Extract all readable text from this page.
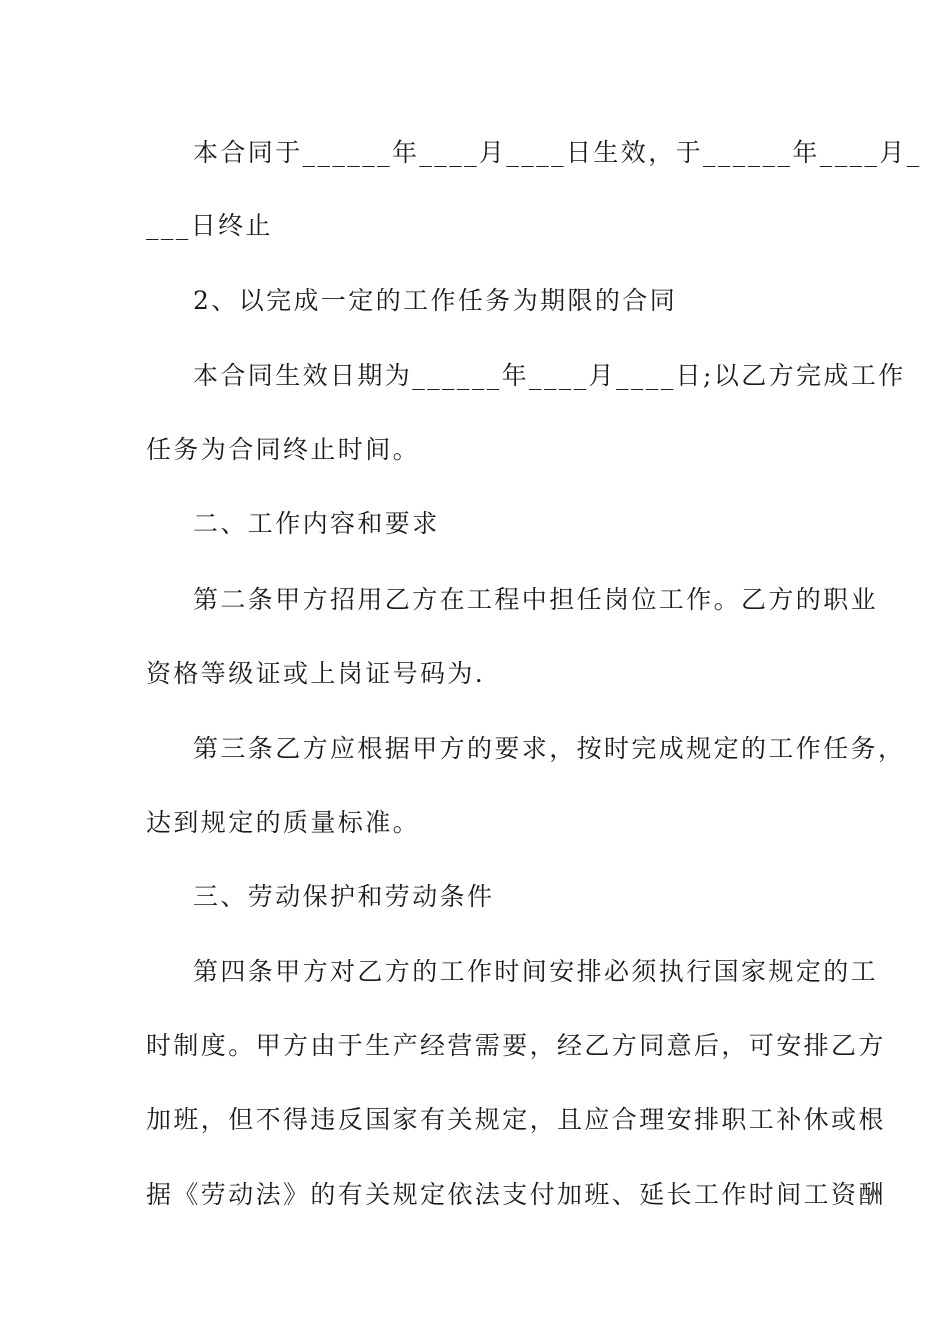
本合同于______年____月____日生效，于______年____月_
___日终止
2、以完成一定的工作任务为期限的合同
本合同生效日期为______年____月____日;以乙方完成工作
任务为合同终止时间。
二、工作内容和要求
第二条甲方招用乙方在工程中担任岗位工作。乙方的职业
资格等级证或上岗证号码为.
第三条乙方应根据甲方的要求，按时完成规定的工作任务，
达到规定的质量标准。
三、劳动保护和劳动条件
第四条甲方对乙方的工作时间安排必须执行国家规定的工
时制度。甲方由于生产经营需要，经乙方同意后，可安排乙方
加班，但不得违反国家有关规定，且应合理安排职工补休或根
据《劳动法》的有关规定依法支付加班、延长工作时间工资酬
